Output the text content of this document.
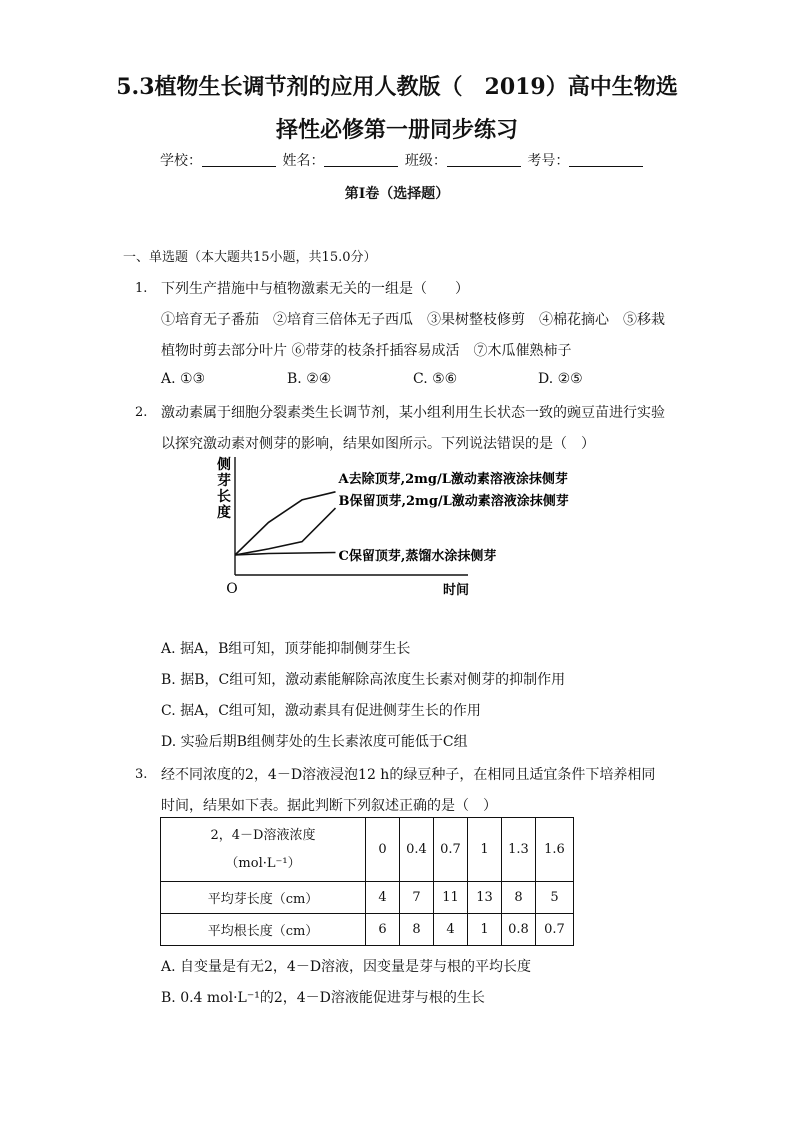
5.3植物生长调节剂的应用人教版（　2019）高中生物选
择性必修第一册同步练习
学校：	姓名：	班级：	考号：
第I卷（选择题）
一、单选题（本大题共15小题，共15.0分）
1. 下列生产措施中与植物激素无关的一组是（　　）
①培育无子番茄　②培育三倍体无子西瓜　③果树整枝修剪　④棉花摘心　⑤移栽
植物时剪去部分叶片 ⑥带芽的枝条扦插容易成活　⑦木瓜催熟柿子
A. ①③	B. ②④	C. ⑤⑥	D. ②⑤
2. 激动素属于细胞分裂素类生长调节剂，某小组利用生长状态一致的豌豆苗进行实验
以探究激动素对侧芽的影响，结果如图所示。下列说法错误的是（　）
侧
芽
长
度
O	时间
A去除顶芽,2mg/L激动素溶液涂抹侧芽
B保留顶芽,2mg/L激动素溶液涂抹侧芽
C保留顶芽,蒸馏水涂抹侧芽
A. 据A，B组可知，顶芽能抑制侧芽生长
B. 据B，C组可知，激动素能解除高浓度生长素对侧芽的抑制作用
C. 据A，C组可知，激动素具有促进侧芽生长的作用
D. 实验后期B组侧芽处的生长素浓度可能低于C组
3. 经不同浓度的2，4－D溶液浸泡12 h的绿豆种子，在相同且适宜条件下培养相同
时间，结果如下表。据此判断下列叙述正确的是（　）
2，4－D溶液浓度
（mol·L⁻¹）	0	0.4	0.7	1	1.3	1.6
平均芽长度（cm）	4	7	11	13	8	5
平均根长度（cm）	6	8	4	1	0.8	0.7
A. 自变量是有无2，4－D溶液，因变量是芽与根的平均长度
B. 0.4 mol·L⁻¹的2，4－D溶液能促进芽与根的生长
